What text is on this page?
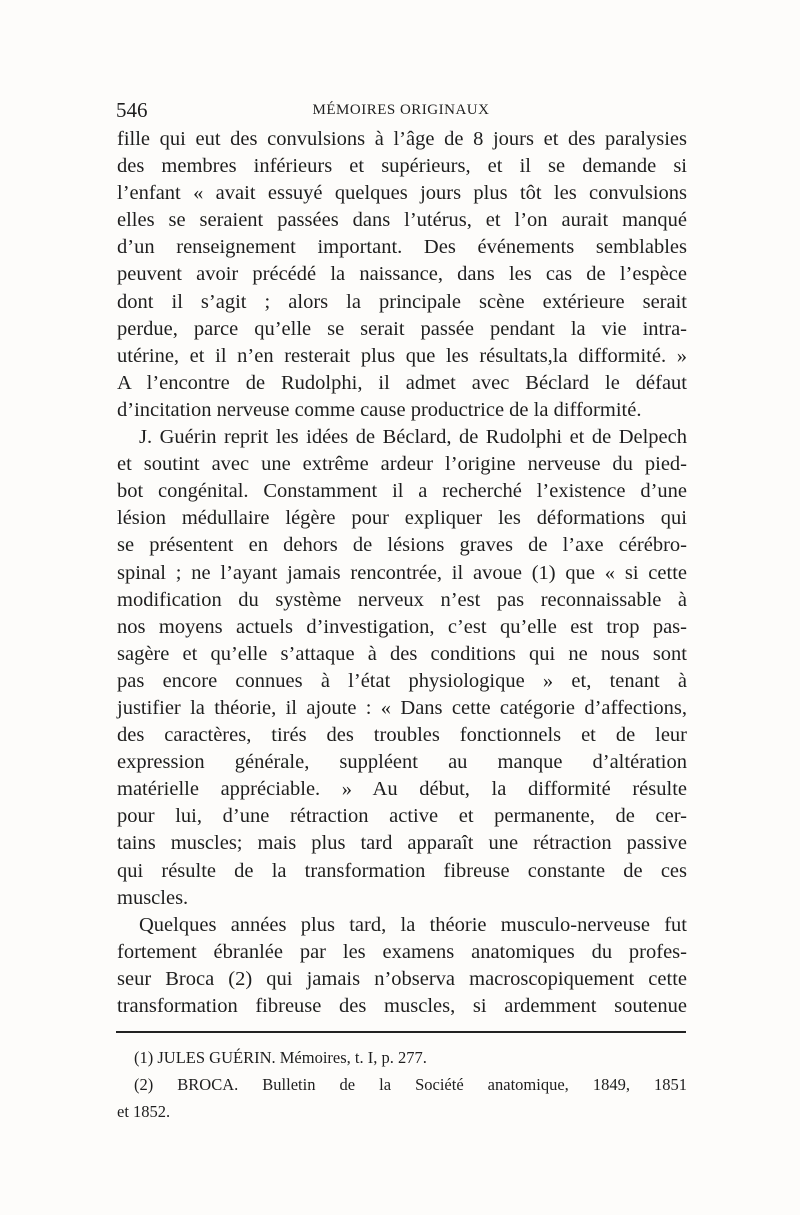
546	MÉMOIRES ORIGINAUX
fille qui eut des convulsions à l’âge de 8 jours et des paralysies
des membres inférieurs et supérieurs, et il se demande si
l’enfant « avait essuyé quelques jours plus tôt les convulsions
elles se seraient passées dans l’utérus, et l’on aurait manqué
d’un renseignement important. Des événements semblables
peuvent avoir précédé la naissance, dans les cas de l’espèce
dont il s’agit ; alors la principale scène extérieure serait
perdue, parce qu’elle se serait passée pendant la vie intra-
utérine, et il n’en resterait plus que les résultats,la difformité. »
A l’encontre de Rudolphi, il admet avec Béclard le défaut
d’incitation nerveuse comme cause productrice de la difformité.
J. Guérin reprit les idées de Béclard, de Rudolphi et de Delpech
et soutint avec une extrême ardeur l’origine nerveuse du pied-
bot congénital. Constamment il a recherché l’existence d’une
lésion médullaire légère pour expliquer les déformations qui
se présentent en dehors de lésions graves de l’axe cérébro-
spinal ; ne l’ayant jamais rencontrée, il avoue (1) que « si cette
modification du système nerveux n’est pas reconnaissable à
nos moyens actuels d’investigation, c’est qu’elle est trop pas-
sagère et qu’elle s’attaque à des conditions qui ne nous sont
pas encore connues à l’état physiologique » et, tenant à
justifier la théorie, il ajoute : « Dans cette catégorie d’affections,
des caractères, tirés des troubles fonctionnels et de leur
expression générale, suppléent au manque d’altération
matérielle appréciable. » Au début, la difformité résulte
pour lui, d’une rétraction active et permanente, de cer-
tains muscles; mais plus tard apparaît une rétraction passive
qui résulte de la transformation fibreuse constante de ces
muscles.
Quelques années plus tard, la théorie musculo-nerveuse fut
fortement ébranlée par les examens anatomiques du profes-
seur Broca (2) qui jamais n’observa macroscopiquement cette
transformation fibreuse des muscles, si ardemment soutenue
(1) JULES GUÉRIN. Mémoires, t. I, p. 277.
(2) BROCA. Bulletin de la Société anatomique, 1849, 1851
et 1852.
